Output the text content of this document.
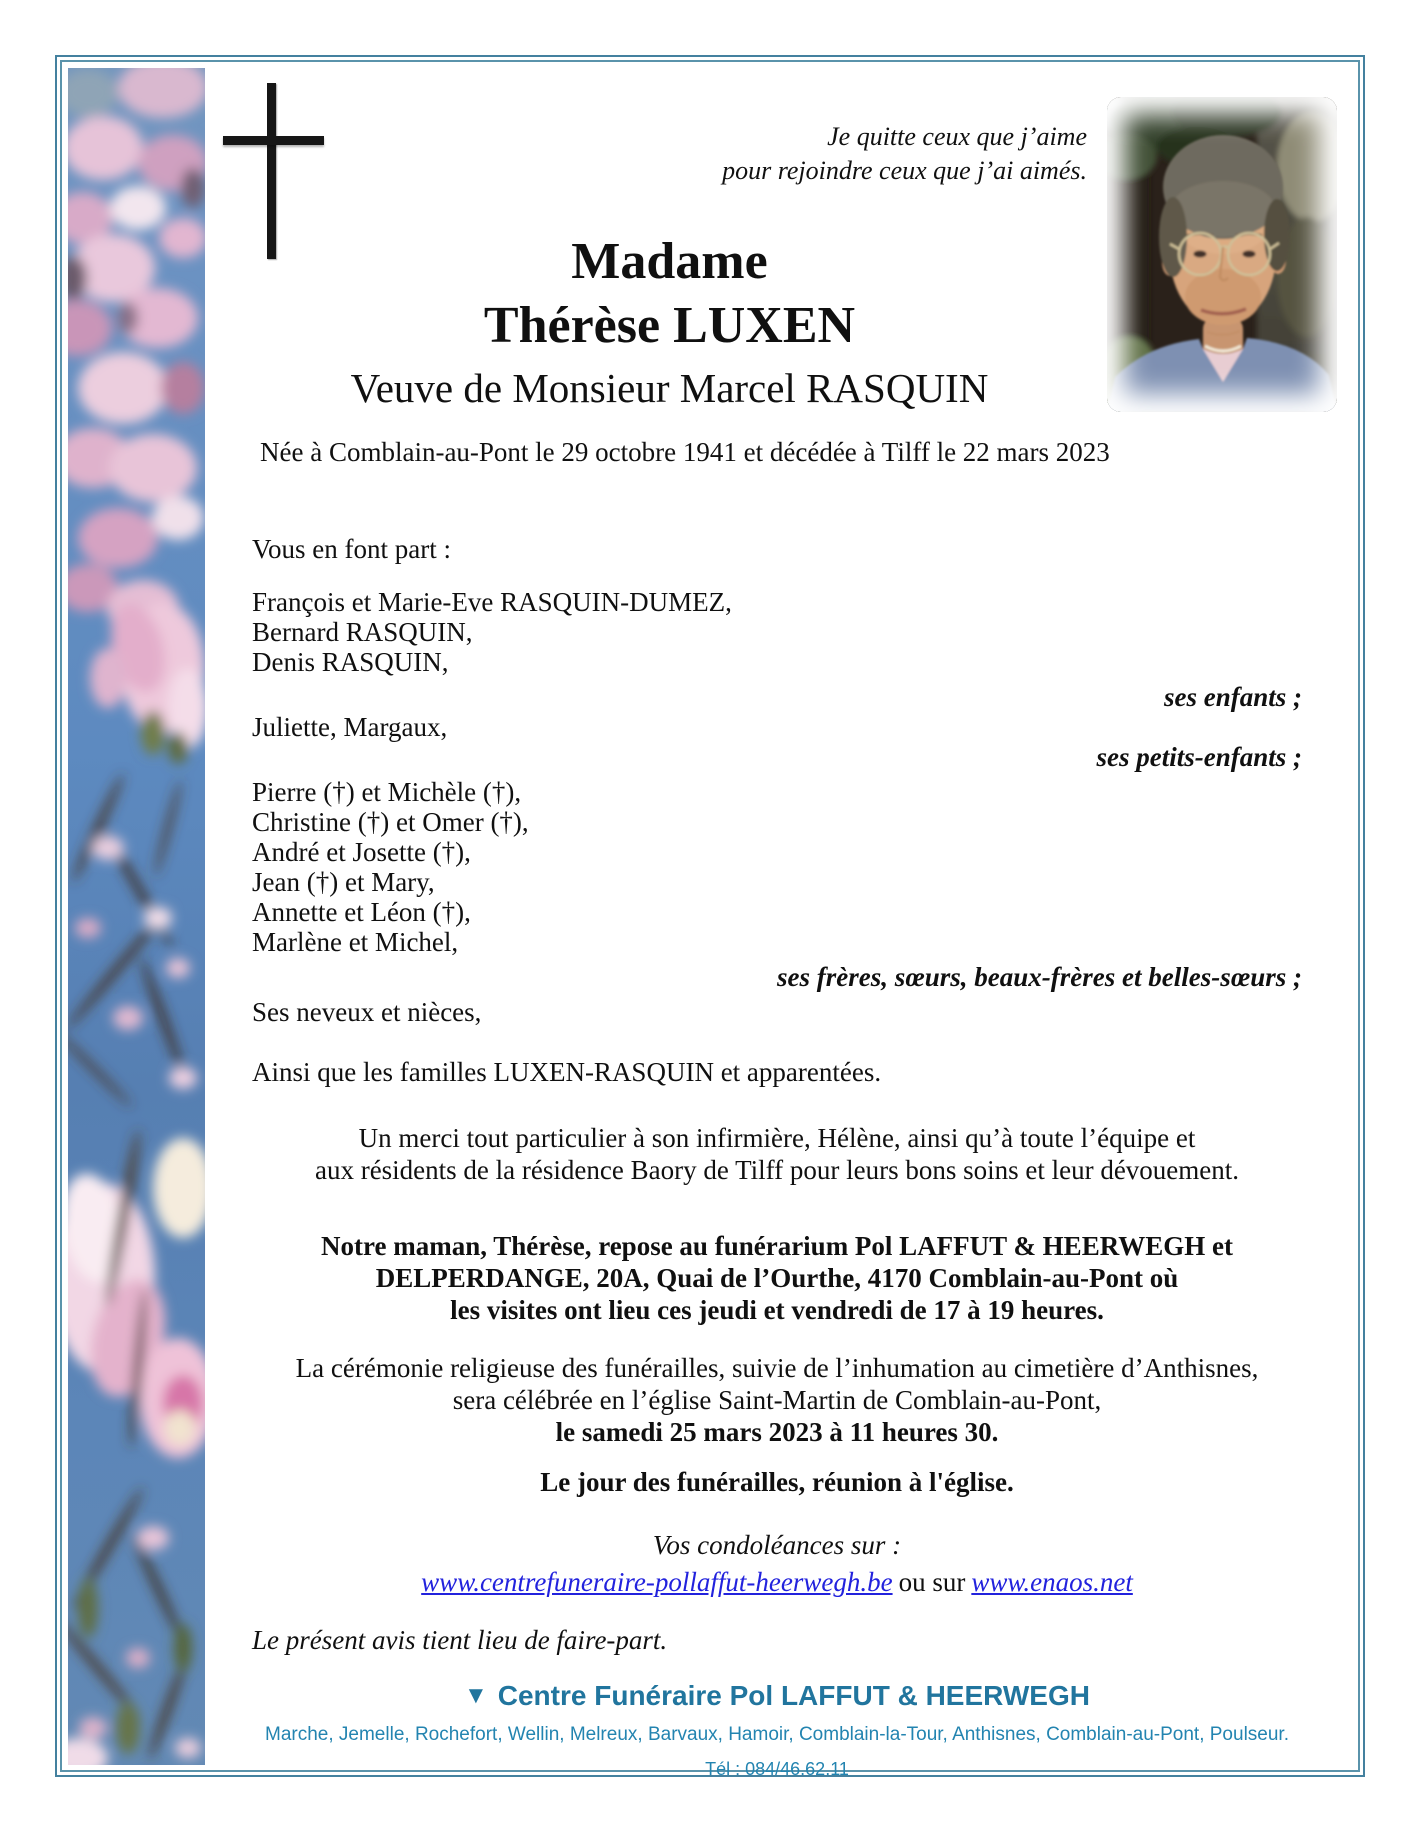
Je quitte ceux que j’aime
pour rejoindre ceux que j’ai aimés.
Madame
Thérèse LUXEN
Veuve de Monsieur Marcel RASQUIN
Née à Comblain-au-Pont le 29 octobre 1941 et décédée à Tilff le 22 mars 2023
Vous en font part :
François et Marie-Eve RASQUIN-DUMEZ,
Bernard RASQUIN,
Denis RASQUIN,
ses enfants ;
Juliette, Margaux,
ses petits-enfants ;
Pierre (†) et Michèle (†),
Christine (†) et Omer (†),
André et Josette (†),
Jean (†) et Mary,
Annette et Léon (†),
Marlène et Michel,
ses frères, sœurs, beaux-frères et belles-sœurs ;
Ses neveux et nièces,
Ainsi que les familles LUXEN-RASQUIN et apparentées.
Un merci tout particulier à son infirmière, Hélène, ainsi qu’à toute l’équipe et
aux résidents de la résidence Baory de Tilff pour leurs bons soins et leur dévouement.
Notre maman, Thérèse, repose au funérarium Pol LAFFUT & HEERWEGH et
DELPERDANGE, 20A, Quai de l’Ourthe, 4170 Comblain-au-Pont où
les visites ont lieu ces jeudi et vendredi de 17 à 19 heures.
La cérémonie religieuse des funérailles, suivie de l’inhumation au cimetière d’Anthisnes,
sera célébrée en l’église Saint-Martin de Comblain-au-Pont,
le samedi 25 mars 2023 à 11 heures 30.
Le jour des funérailles, réunion à l'église.
Vos condoléances sur :
www.centrefuneraire-pollaffut-heerwegh.be ou sur www.enaos.net
Le présent avis tient lieu de faire-part.
▼ Centre Funéraire Pol LAFFUT & HEERWEGH
Marche, Jemelle, Rochefort, Wellin, Melreux, Barvaux, Hamoir, Comblain-la-Tour, Anthisnes, Comblain-au-Pont, Poulseur.
Tél : 084/46.62.11
